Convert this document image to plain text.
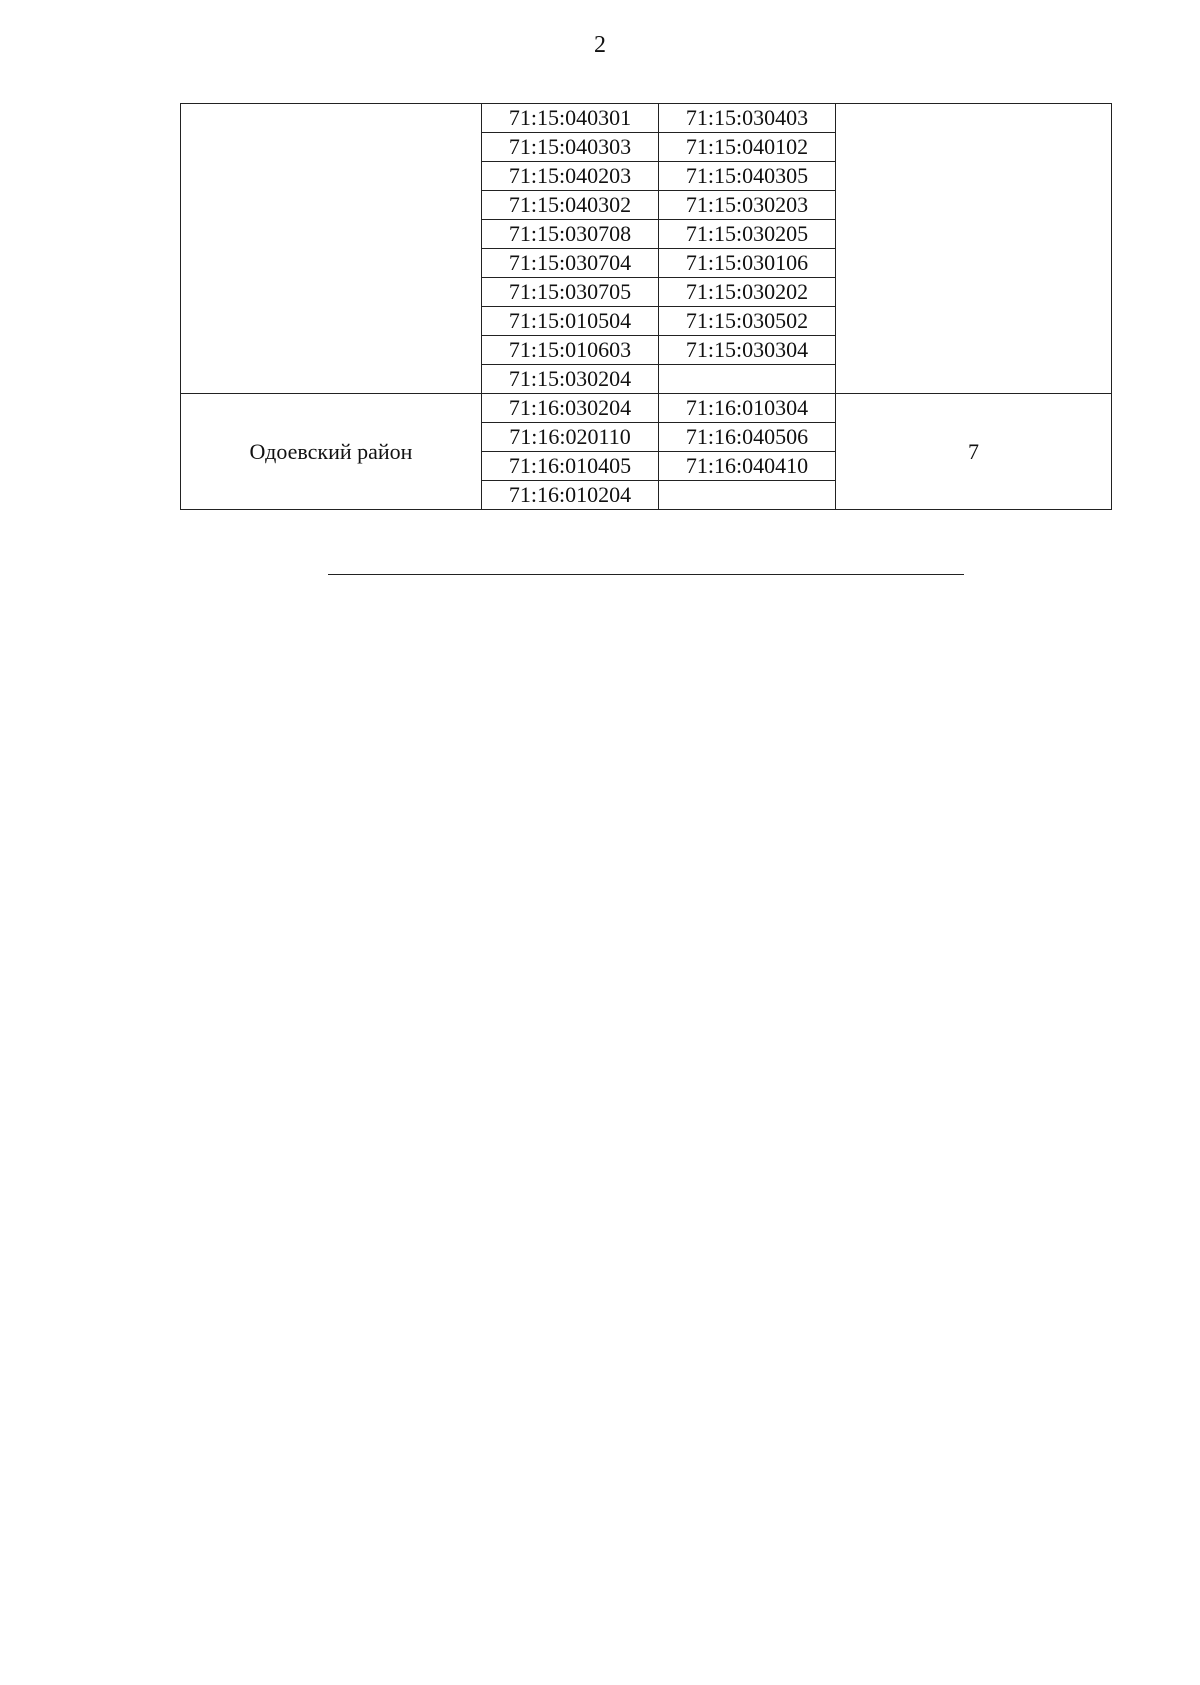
2
	71:15:040301	71:15:030403	
	71:15:040303	71:15:040102	
	71:15:040203	71:15:040305	
	71:15:040302	71:15:030203	
	71:15:030708	71:15:030205	
	71:15:030704	71:15:030106	
	71:15:030705	71:15:030202	
	71:15:010504	71:15:030502	
	71:15:010603	71:15:030304	
	71:15:030204		
Одоевский район	71:16:030204	71:16:010304	7
	71:16:020110	71:16:040506	
	71:16:010405	71:16:040410	
	71:16:010204		
